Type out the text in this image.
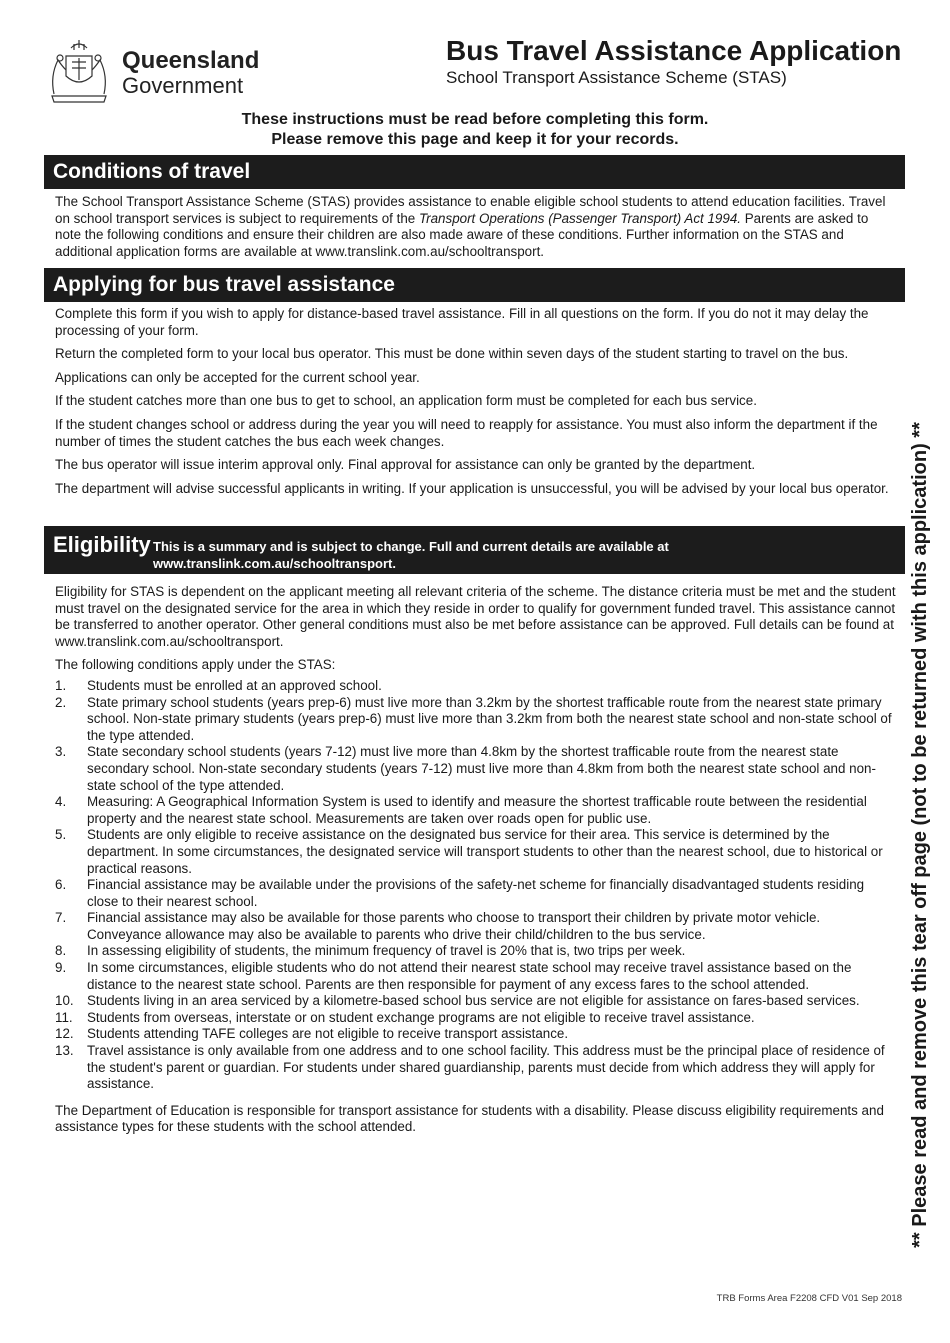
Queensland
Government
Bus Travel Assistance Application
School Transport Assistance Scheme (STAS)
These instructions must be read before completing this form.
Please remove this page and keep it for your records.
Conditions of travel

The School Transport Assistance Scheme (STAS) provides assistance to enable eligible school students to attend education facilities. Travel on school transport services is subject to requirements of the Transport Operations (Passenger Transport) Act 1994. Parents are asked to note the following conditions and ensure their children are also made aware of these conditions. Further information on the STAS and additional application forms are available at www.translink.com.au/schooltransport.

Applying for bus travel assistance

Complete this form if you wish to apply for distance-based travel assistance. Fill in all questions on the form. If you do not it may delay the processing of your form.

Return the completed form to your local bus operator. This must be done within seven days of the student starting to travel on the bus.

Applications can only be accepted for the current school year.

If the student catches more than one bus to get to school, an application form must be completed for each bus service.

If the student changes school or address during the year you will need to reapply for assistance. You must also inform the department if the number of times the student catches the bus each week changes.

The bus operator will issue interim approval only. Final approval for assistance can only be granted by the department.

The department will advise successful applicants in writing. If your application is unsuccessful, you will be advised by your local bus operator.

Eligibility This is a summary and is subject to change. Full and current details are available at www.translink.com.au/schooltransport.

Eligibility for STAS is dependent on the applicant meeting all relevant criteria of the scheme. The distance criteria must be met and the student must travel on the designated service for the area in which they reside in order to qualify for government funded travel. This assistance cannot be transferred to another operator. Other general conditions must also be met before assistance can be approved. Full details can be found at www.translink.com.au/schooltransport.

The following conditions apply under the STAS:

1. Students must be enrolled at an approved school.
2. State primary school students (years prep-6) must live more than 3.2km by the shortest trafficable route from the nearest state primary school. Non-state primary students (years prep-6) must live more than 3.2km from both the nearest state school and non-state school of the type attended.
3. State secondary school students (years 7-12) must live more than 4.8km by the shortest trafficable route from the nearest state secondary school. Non-state secondary students (years 7-12) must live more than 4.8km from both the nearest state school and non-state school of the type attended.
4. Measuring: A Geographical Information System is used to identify and measure the shortest trafficable route between the residential property and the nearest state school. Measurements are taken over roads open for public use.
5. Students are only eligible to receive assistance on the designated bus service for their area. This service is determined by the department. In some circumstances, the designated service will transport students to other than the nearest school, due to historical or practical reasons.
6. Financial assistance may be available under the provisions of the safety-net scheme for financially disadvantaged students residing close to their nearest school.
7. Financial assistance may also be available for those parents who choose to transport their children by private motor vehicle. Conveyance allowance may also be available to parents who drive their child/children to the bus service.
8. In assessing eligibility of students, the minimum frequency of travel is 20% that is, two trips per week.
9. In some circumstances, eligible students who do not attend their nearest state school may receive travel assistance based on the distance to the nearest state school. Parents are then responsible for payment of any excess fares to the school attended.
10. Students living in an area serviced by a kilometre-based school bus service are not eligible for assistance on fares-based services.
11. Students from overseas, interstate or on student exchange programs are not eligible to receive travel assistance.
12. Students attending TAFE colleges are not eligible to receive transport assistance.
13. Travel assistance is only available from one address and to one school facility. This address must be the principal place of residence of the student's parent or guardian. For students under shared guardianship, parents must decide from which address they will apply for assistance.

The Department of Education is responsible for transport assistance for students with a disability. Please discuss eligibility requirements and assistance types for these students with the school attended.	** Please read and remove this tear off page (not to be returned with this application) **
TRB Forms Area F2208 CFD V01 Sep 2018
